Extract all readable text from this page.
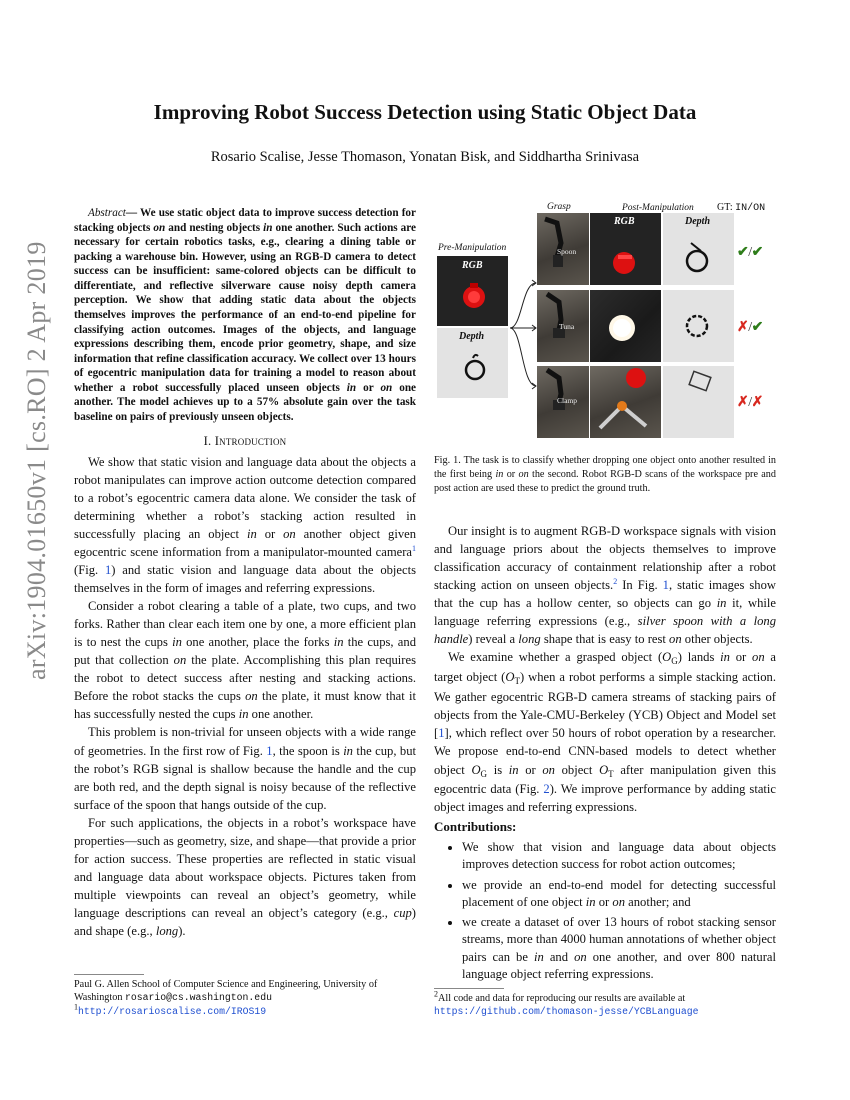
arXiv:1904.01650v1 [cs.RO] 2 Apr 2019
Improving Robot Success Detection using Static Object Data
Rosario Scalise, Jesse Thomason, Yonatan Bisk, and Siddhartha Srinivasa

Abstract— We use static object data to improve success detection for stacking objects on and nesting objects in one another. Such actions are necessary for certain robotics tasks, e.g., clearing a dining table or packing a warehouse bin. However, using an RGB-D camera to detect success can be insufficient: same-colored objects can be difficult to differentiate, and reflective silverware cause noisy depth camera perception. We show that adding static data about the objects themselves improves the performance of an end-to-end pipeline for classifying action outcomes. Images of the objects, and language expressions describing them, encode prior geometry, shape, and size information that refine classification accuracy. We collect over 13 hours of egocentric manipulation data for training a model to reason about whether a robot successfully placed unseen objects in or on one another. The model achieves up to a 57% absolute gain over the task baseline on pairs of previously unseen objects.

I. Introduction

We show that static vision and language data about the objects a robot manipulates can improve action outcome detection compared to a robot’s egocentric camera data alone. We consider the task of determining whether a robot’s stacking action resulted in successfully placing an object in or on another object given egocentric scene information from a manipulator-mounted camera$^1$ (Fig. 1) and static vision and language data about the objects themselves in the form of images and referring expressions.

Consider a robot clearing a table of a plate, two cups, and two forks. Rather than clear each item one by one, a more efficient plan is to nest the cups in one another, place the forks in the cups, and put that collection on the plate. Accomplishing this plan requires the robot to detect success after nesting and stacking actions. Before the robot stacks the cups on the plate, it must know that it has successfully nested the cups in one another.

This problem is non-trivial for unseen objects with a wide range of geometries. In the first row of Fig. 1, the spoon is in the cup, but the robot’s RGB signal is shallow because the handle and the cup are both red, and the depth signal is noisy because of the reflective surface of the spoon that hangs outside of the cup.

For such applications, the objects in a robot’s workspace have properties—such as geometry, size, and shape—that provide a prior for action success. These properties are reflected in static visual and language data about workspace objects. Pictures taken from multiple viewpoints can reveal an object’s geometry, while language descriptions can reveal an object’s category (e.g., cup) and shape (e.g., long).

Paul G. Allen School of Computer Science and Engineering, University of Washington rosario@cs.washington.edu
$^1$http://rosarioscalise.com/IROS19
Grasp	Post-Manipulation GT: IN/ON
Pre-Manipulation
RGB
Depth
Spoon
RGB	Depth
✔/✔
Tuna	✗/✔
Clamp	✗/✗
Fig. 1. The task is to classify whether dropping one object onto another resulted in the first being in or on the second. Robot RGB-D scans of the workspace pre and post action are used these to predict the ground truth.

Our insight is to augment RGB-D workspace signals with vision and language priors about the objects themselves to improve classification accuracy of containment relationship after a robot stacking action on unseen objects.$^2$ In Fig. 1, static images show that the cup has a hollow center, so objects can go in it, while language referring expressions (e.g., silver spoon with a long handle) reveal a long shape that is easy to rest on other objects.

We examine whether a grasped object $(O_G)$ lands in or on a target object $(O_T)$ when a robot performs a simple stacking action. We gather egocentric RGB-D camera streams of stacking pairs of objects from the Yale-CMU-Berkeley (YCB) Object and Model set [1], which reflect over 50 hours of robot operation by a researcher. We propose end-to-end CNN-based models to detect whether object $O_G$ is in or on object $O_T$ after manipulation given this egocentric data (Fig. 2). We improve performance by adding static object images and referring expressions.

Contributions:
• We show that vision and language data about objects improves detection success for robot action outcomes;
• we provide an end-to-end model for detecting successful placement of one object in or on another; and
• we create a dataset of over 13 hours of robot stacking sensor streams, more than 4000 human annotations of whether object pairs can be in and on one another, and over 800 natural language object referring expressions.
$^2$All code and data for reproducing our results are available at
https://github.com/thomason-jesse/YCBLanguage
